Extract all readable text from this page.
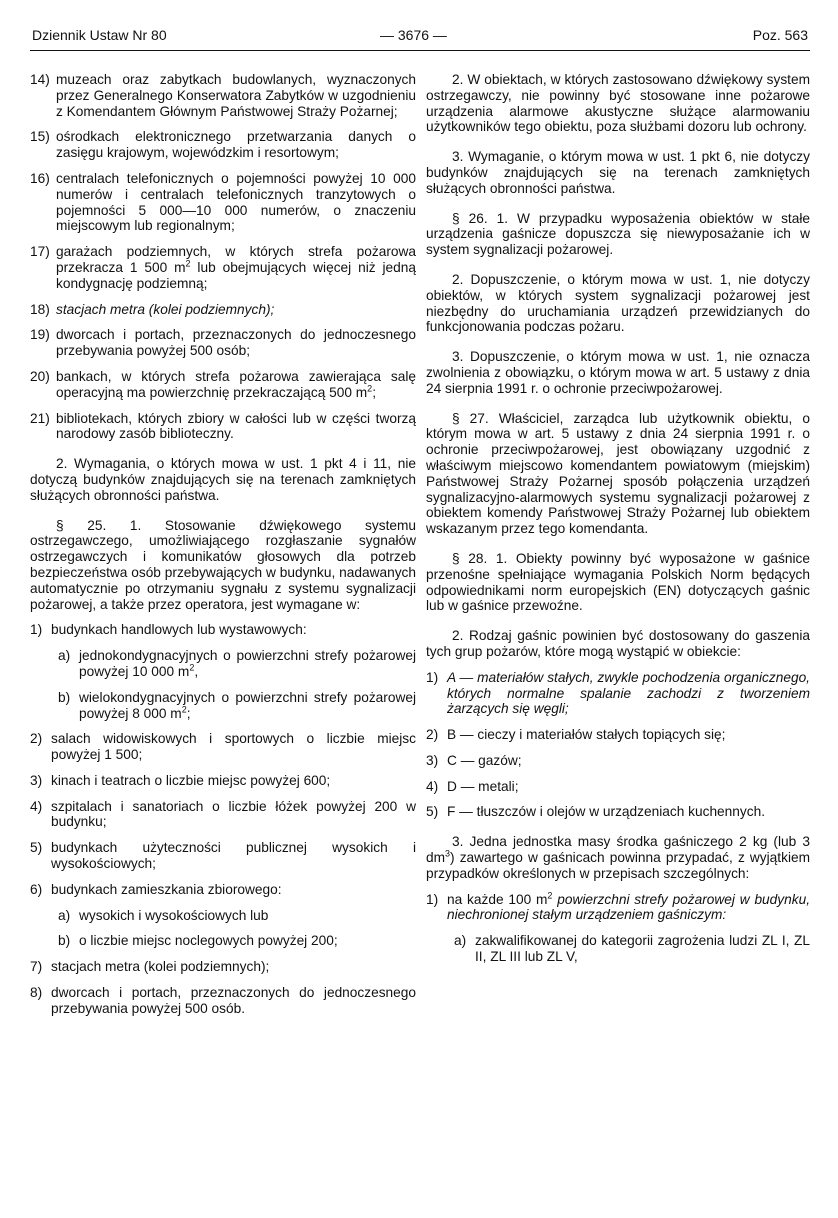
Dziennik Ustaw Nr 80	— 3676 —	Poz. 563
14) muzeach oraz zabytkach budowlanych, wyznaczonych przez Generalnego Konserwatora Zabytków w uzgodnieniu z Komendantem Głównym Państwowej Straży Pożarnej;
15) ośrodkach elektronicznego przetwarzania danych o zasięgu krajowym, wojewódzkim i resortowym;
16) centralach telefonicznych o pojemności powyżej 10 000 numerów i centralach telefonicznych tranzytowych o pojemności 5 000—10 000 numerów, o znaczeniu miejscowym lub regionalnym;
17) garażach podziemnych, w których strefa pożarowa przekracza 1 500 $m^2$ lub obejmujących więcej niż jedną kondygnację podziemną;
18) stacjach metra (kolei podziemnych);
19) dworcach i portach, przeznaczonych do jednoczesnego przebywania powyżej 500 osób;
20) bankach, w których strefa pożarowa zawierająca salę operacyjną ma powierzchnię przekraczającą 500 $m^2$;
21) bibliotekach, których zbiory w całości lub w części tworzą narodowy zasób biblioteczny.
2. Wymagania, o których mowa w ust. 1 pkt 4 i 11, nie dotyczą budynków znajdujących się na terenach zamkniętych służących obronności państwa.
§ 25. 1. Stosowanie dźwiękowego systemu ostrzegawczego, umożliwiającego rozgłaszanie sygnałów ostrzegawczych i komunikatów głosowych dla potrzeb bezpieczeństwa osób przebywających w budynku, nadawanych automatycznie po otrzymaniu sygnału z systemu sygnalizacji pożarowej, a także przez operatora, jest wymagane w:
1) budynkach handlowych lub wystawowych:
a) jednokondygnacyjnych o powierzchni strefy pożarowej powyżej 10 000 $m^2$,
b) wielokondygnacyjnych o powierzchni strefy pożarowej powyżej 8 000 $m^2$;
2) salach widowiskowych i sportowych o liczbie miejsc powyżej 1 500;
3) kinach i teatrach o liczbie miejsc powyżej 600;
4) szpitalach i sanatoriach o liczbie łóżek powyżej 200 w budynku;
5) budynkach użyteczności publicznej wysokich i wysokościowych;
6) budynkach zamieszkania zbiorowego:
a) wysokich i wysokościowych lub
b) o liczbie miejsc noclegowych powyżej 200;
7) stacjach metra (kolei podziemnych);
8) dworcach i portach, przeznaczonych do jednoczesnego przebywania powyżej 500 osób.
2. W obiektach, w których zastosowano dźwiękowy system ostrzegawczy, nie powinny być stosowane inne pożarowe urządzenia alarmowe akustyczne służące alarmowaniu użytkowników tego obiektu, poza służbami dozoru lub ochrony.
3. Wymaganie, o którym mowa w ust. 1 pkt 6, nie dotyczy budynków znajdujących się na terenach zamkniętych służących obronności państwa.
§ 26. 1. W przypadku wyposażenia obiektów w stałe urządzenia gaśnicze dopuszcza się niewyposażanie ich w system sygnalizacji pożarowej.
2. Dopuszczenie, o którym mowa w ust. 1, nie dotyczy obiektów, w których system sygnalizacji pożarowej jest niezbędny do uruchamiania urządzeń przewidzianych do funkcjonowania podczas pożaru.
3. Dopuszczenie, o którym mowa w ust. 1, nie oznacza zwolnienia z obowiązku, o którym mowa w art. 5 ustawy z dnia 24 sierpnia 1991 r. o ochronie przeciwpożarowej.
§ 27. Właściciel, zarządca lub użytkownik obiektu, o którym mowa w art. 5 ustawy z dnia 24 sierpnia 1991 r. o ochronie przeciwpożarowej, jest obowiązany uzgodnić z właściwym miejscowo komendantem powiatowym (miejskim) Państwowej Straży Pożarnej sposób połączenia urządzeń sygnalizacyjno-alarmowych systemu sygnalizacji pożarowej z obiektem komendy Państwowej Straży Pożarnej lub obiektem wskazanym przez tego komendanta.
§ 28. 1. Obiekty powinny być wyposażone w gaśnice przenośne spełniające wymagania Polskich Norm będących odpowiednikami norm europejskich (EN) dotyczących gaśnic lub w gaśnice przewoźne.
2. Rodzaj gaśnic powinien być dostosowany do gaszenia tych grup pożarów, które mogą wystąpić w obiekcie:
1) A — materiałów stałych, zwykle pochodzenia organicznego, których normalne spalanie zachodzi z tworzeniem żarzących się węgli;
2) B — cieczy i materiałów stałych topiących się;
3) C — gazów;
4) D — metali;
5) F — tłuszczów i olejów w urządzeniach kuchennych.
3. Jedna jednostka masy środka gaśniczego 2 kg (lub 3 $dm^3$) zawartego w gaśnicach powinna przypadać, z wyjątkiem przypadków określonych w przepisach szczególnych:
1) na każde 100 $m^2$ powierzchni strefy pożarowej w budynku, niechronionej stałym urządzeniem gaśniczym:
a) zakwalifikowanej do kategorii zagrożenia ludzi ZL I, ZL II, ZL III lub ZL V,
